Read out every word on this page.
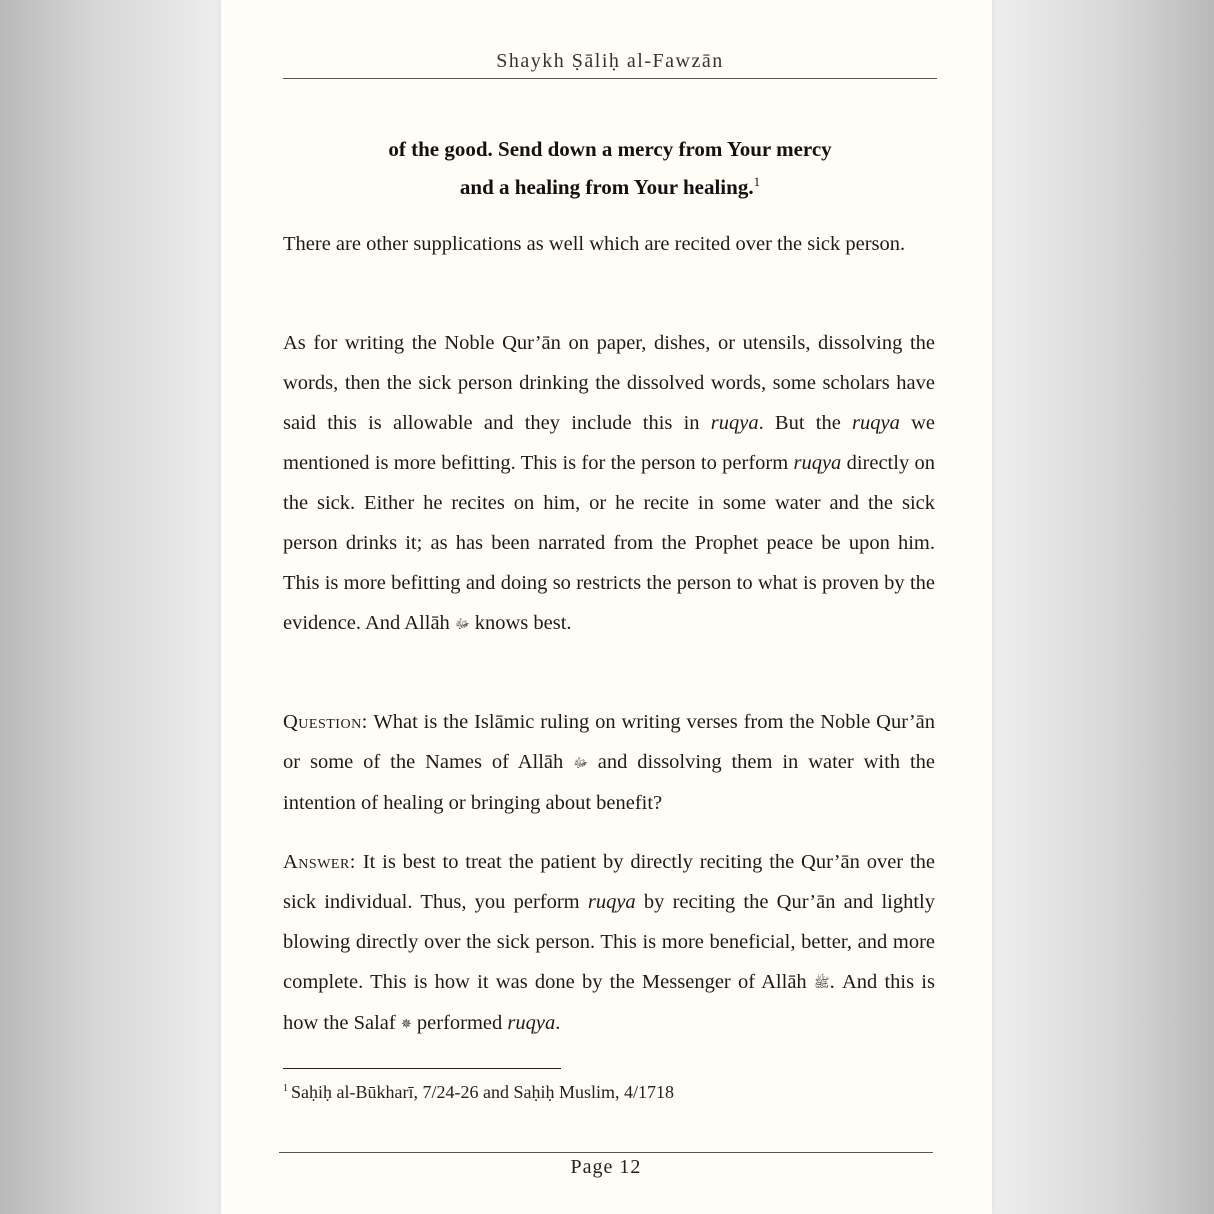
Shaykh Ṣāliḥ al-Fawzān

of the good. Send down a mercy from Your mercy

and a healing from Your healing.$^1$

There are other supplications as well which are recited over the sick person.

As for writing the Noble Qur’ān on paper, dishes, or utensils, dissolving the words, then the sick person drinking the dissolved words, some scholars have said this is allowable and they include this in ruqya. But the ruqya we mentioned is more befitting. This is for the person to perform ruqya directly on the sick. Either he recites on him, or he recite in some water and the sick person drinks it; as has been narrated from the Prophet peace be upon him. This is more befitting and doing so restricts the person to what is proven by the evidence. And Allāh ﷻ knows best.

Question: What is the Islāmic ruling on writing verses from the Noble Qur’ān or some of the Names of Allāh ﷻ and dissolving them in water with the intention of healing or bringing about benefit?

Answer: It is best to treat the patient by directly reciting the Qur’ān over the sick individual. Thus, you perform ruqya by reciting the Qur’ān and lightly blowing directly over the sick person. This is more beneficial, better, and more complete. This is how it was done by the Messenger of Allāh ﷺ. And this is how the Salaf ✵ performed ruqya.

$^1$ Saḥiḥ al-Būkharī, 7/24-26 and Saḥiḥ Muslim, 4/1718
Page 12
